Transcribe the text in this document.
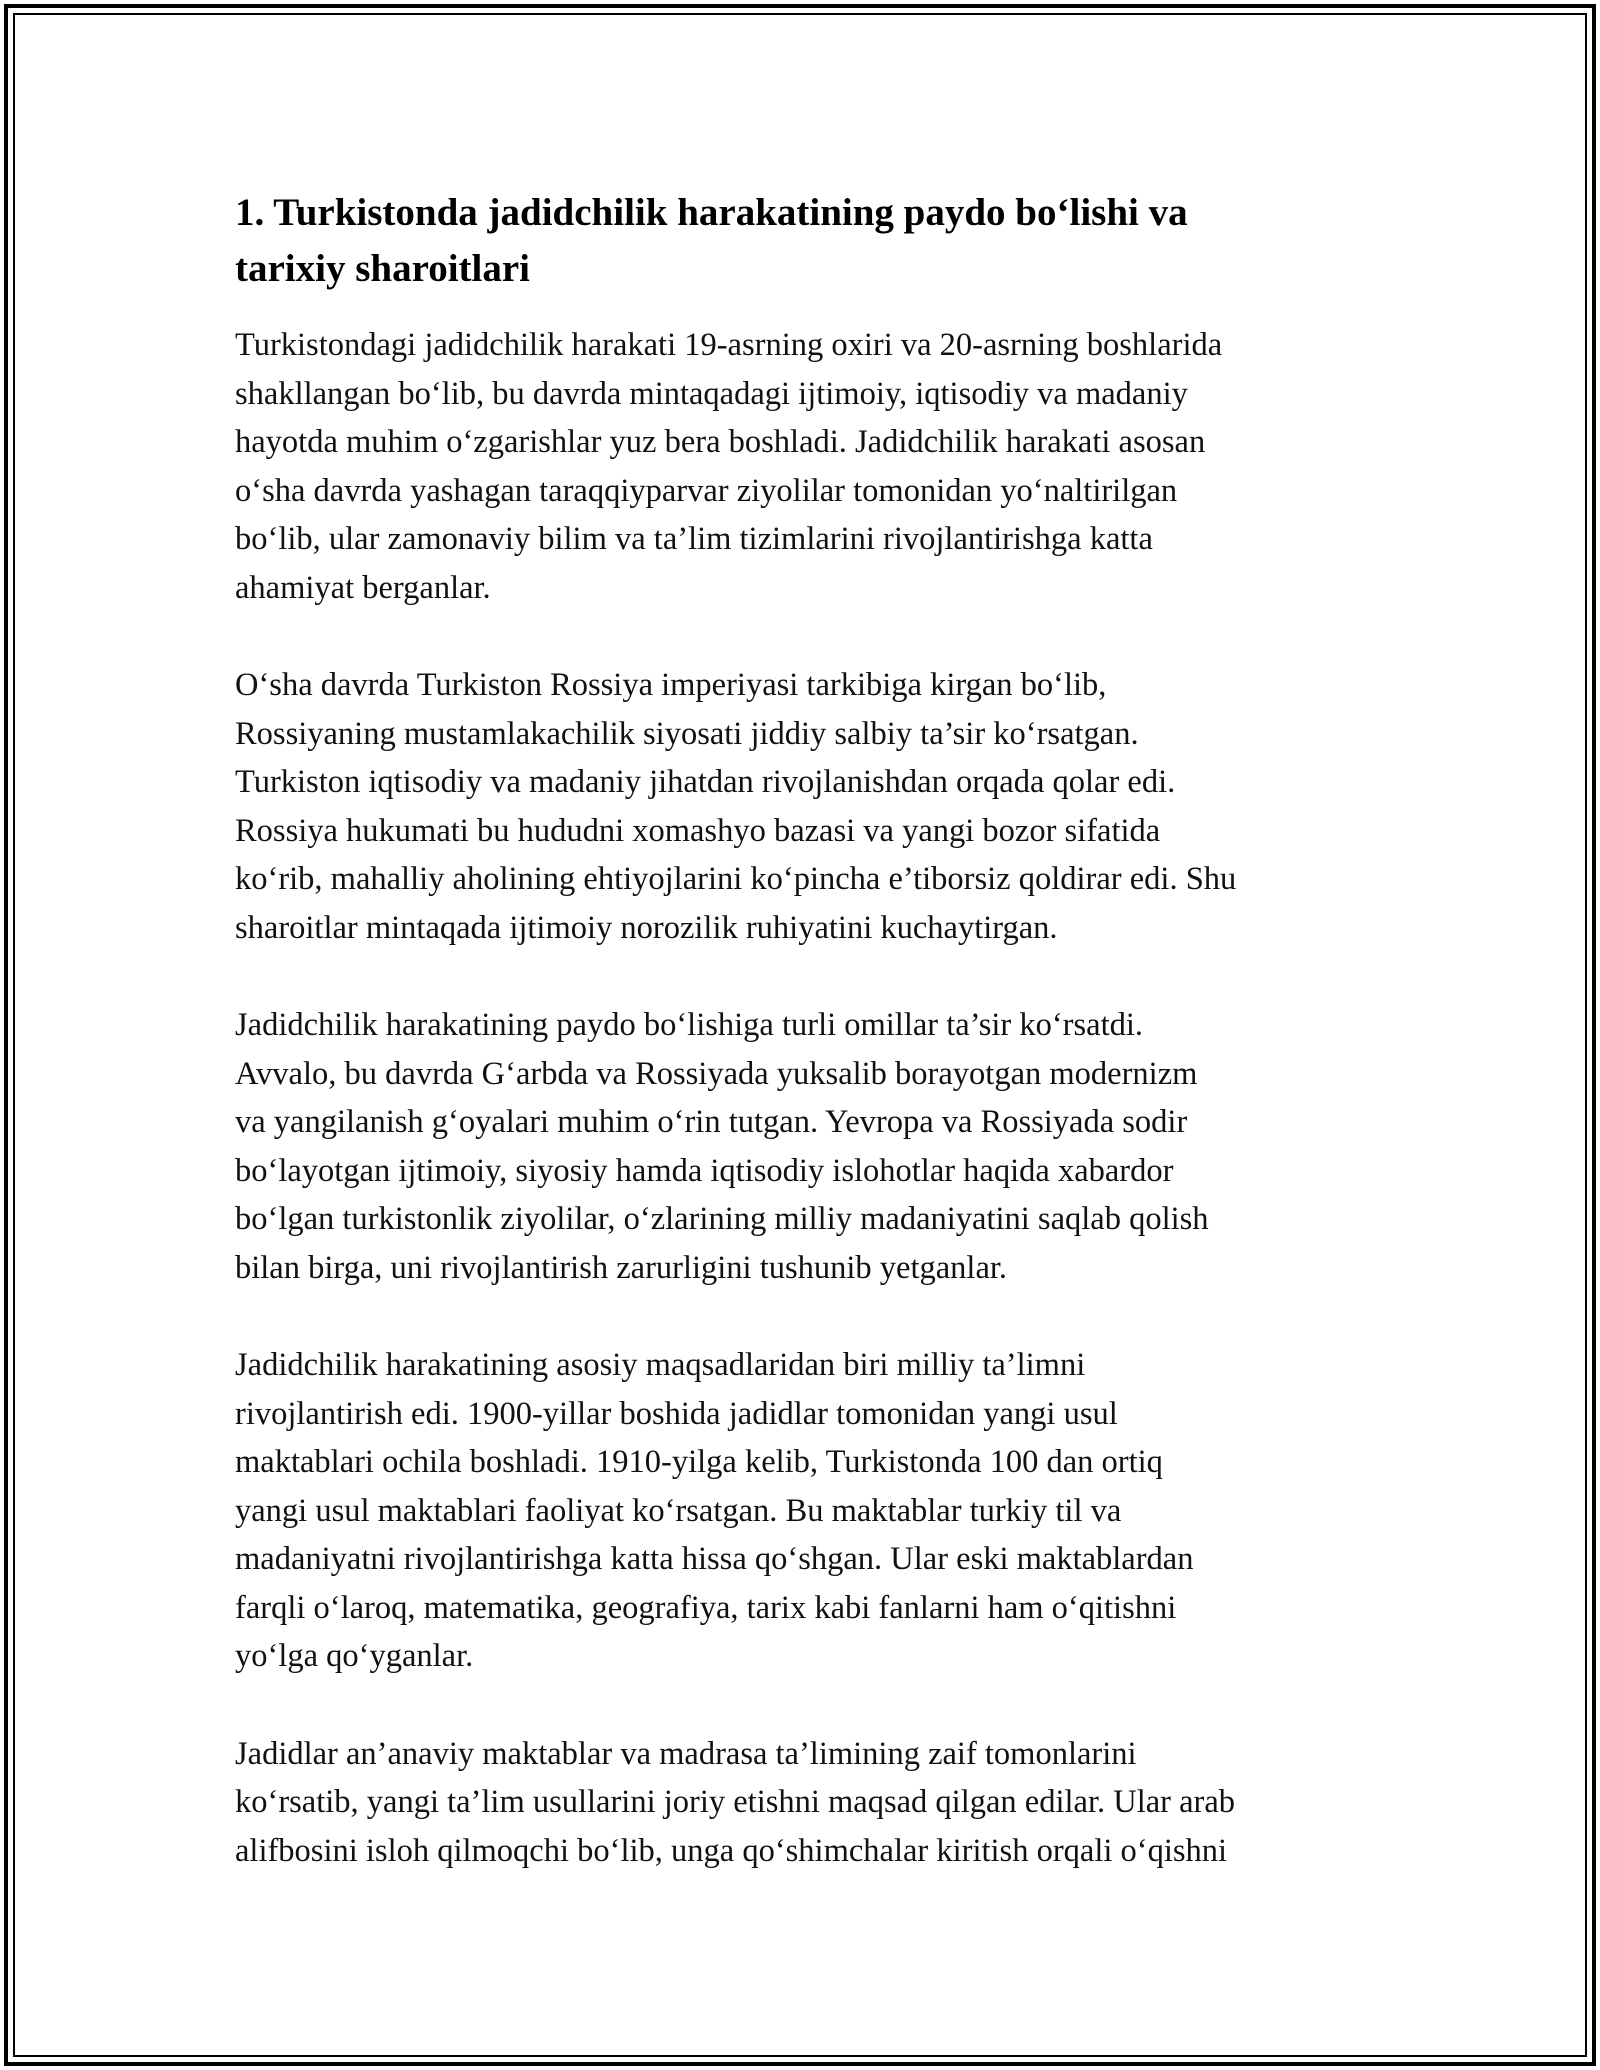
1. Turkistonda jadidchilik harakatining paydo bo‘lishi va
tarixiy sharoitlari

Turkistondagi jadidchilik harakati 19-asrning oxiri va 20-asrning boshlarida
shakllangan bo‘lib, bu davrda mintaqadagi ijtimoiy, iqtisodiy va madaniy
hayotda muhim o‘zgarishlar yuz bera boshladi. Jadidchilik harakati asosan
o‘sha davrda yashagan taraqqiyparvar ziyolilar tomonidan yo‘naltirilgan
bo‘lib, ular zamonaviy bilim va ta’lim tizimlarini rivojlantirishga katta
ahamiyat berganlar.

O‘sha davrda Turkiston Rossiya imperiyasi tarkibiga kirgan bo‘lib,
Rossiyaning mustamlakachilik siyosati jiddiy salbiy ta’sir ko‘rsatgan.
Turkiston iqtisodiy va madaniy jihatdan rivojlanishdan orqada qolar edi.
Rossiya hukumati bu hududni xomashyo bazasi va yangi bozor sifatida
ko‘rib, mahalliy aholining ehtiyojlarini ko‘pincha e’tiborsiz qoldirar edi. Shu
sharoitlar mintaqada ijtimoiy norozilik ruhiyatini kuchaytirgan.

Jadidchilik harakatining paydo bo‘lishiga turli omillar ta’sir ko‘rsatdi.
Avvalo, bu davrda G‘arbda va Rossiyada yuksalib borayotgan modernizm
va yangilanish g‘oyalari muhim o‘rin tutgan. Yevropa va Rossiyada sodir
bo‘layotgan ijtimoiy, siyosiy hamda iqtisodiy islohotlar haqida xabardor
bo‘lgan turkistonlik ziyolilar, o‘zlarining milliy madaniyatini saqlab qolish
bilan birga, uni rivojlantirish zarurligini tushunib yetganlar.

Jadidchilik harakatining asosiy maqsadlaridan biri milliy ta’limni
rivojlantirish edi. 1900-yillar boshida jadidlar tomonidan yangi usul
maktablari ochila boshladi. 1910-yilga kelib, Turkistonda 100 dan ortiq
yangi usul maktablari faoliyat ko‘rsatgan. Bu maktablar turkiy til va
madaniyatni rivojlantirishga katta hissa qo‘shgan. Ular eski maktablardan
farqli o‘laroq, matematika, geografiya, tarix kabi fanlarni ham o‘qitishni
yo‘lga qo‘yganlar.

Jadidlar an’anaviy maktablar va madrasa ta’limining zaif tomonlarini
ko‘rsatib, yangi ta’lim usullarini joriy etishni maqsad qilgan edilar. Ular arab
alifbosini isloh qilmoqchi bo‘lib, unga qo‘shimchalar kiritish orqali o‘qishni
